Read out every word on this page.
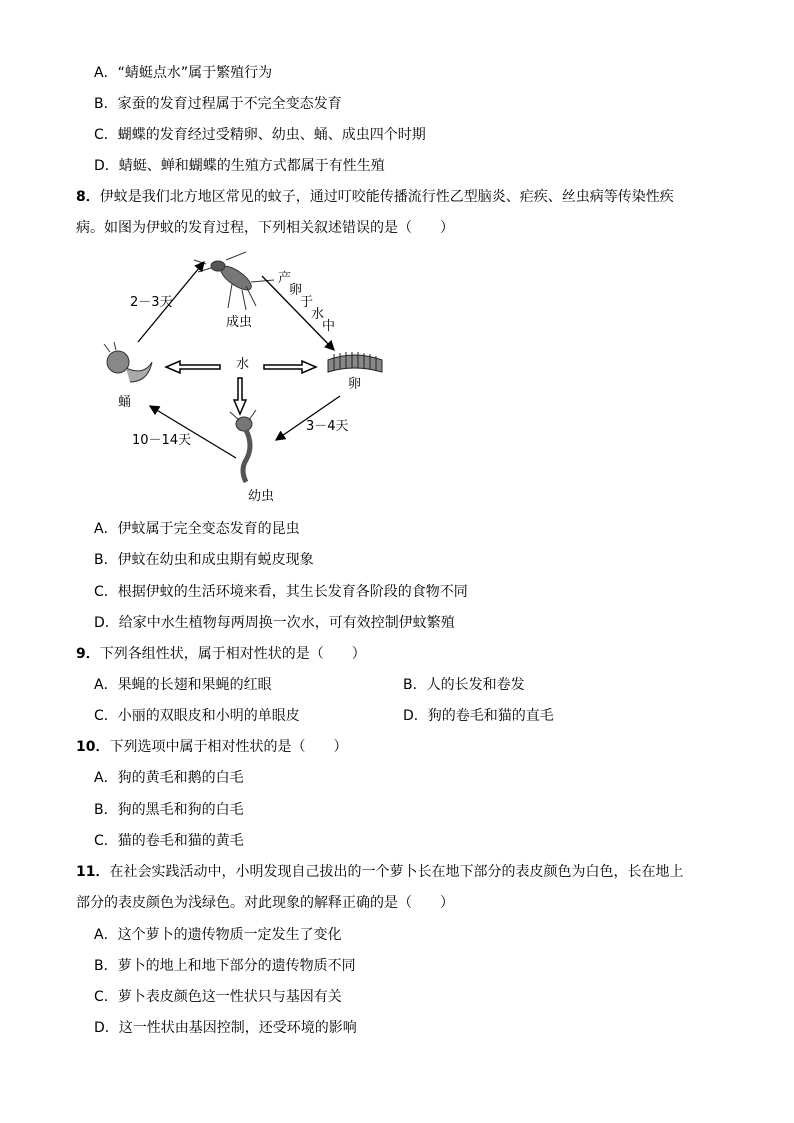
A．“蜻蜓点水”属于繁殖行为
B．家蚕的发育过程属于不完全变态发育
C．蝴蝶的发育经过受精卵、幼虫、蛹、成虫四个时期
D．蜻蜓、蝉和蝴蝶的生殖方式都属于有性生殖
8．伊蚊是我们北方地区常见的蚊子，通过叮咬能传播流行性乙型脑炎、疟疾、丝虫病等传染性疾
病。如图为伊蚊的发育过程，下列相关叙述错误的是（　　）
成虫
卵
幼虫
蛹
水
2－3天
3－4天
10－14天
产
卵
于
水
中
A．伊蚊属于完全变态发育的昆虫
B．伊蚊在幼虫和成虫期有蜕皮现象
C．根据伊蚊的生活环境来看，其生长发育各阶段的食物不同
D．给家中水生植物每两周换一次水，可有效控制伊蚊繁殖
9．下列各组性状，属于相对性状的是（　　）
A．果蝇的长翅和果蝇的红眼	B．人的长发和卷发
C．小丽的双眼皮和小明的单眼皮	D．狗的卷毛和猫的直毛
10．下列选项中属于相对性状的是（　　）
A．狗的黄毛和鹅的白毛
B．狗的黑毛和狗的白毛
C．猫的卷毛和猫的黄毛
11．在社会实践活动中，小明发现自己拔出的一个萝卜长在地下部分的表皮颜色为白色，长在地上
部分的表皮颜色为浅绿色。对此现象的解释正确的是（　　）
A．这个萝卜的遗传物质一定发生了变化
B．萝卜的地上和地下部分的遗传物质不同
C．萝卜表皮颜色这一性状只与基因有关
D．这一性状由基因控制，还受环境的影响
